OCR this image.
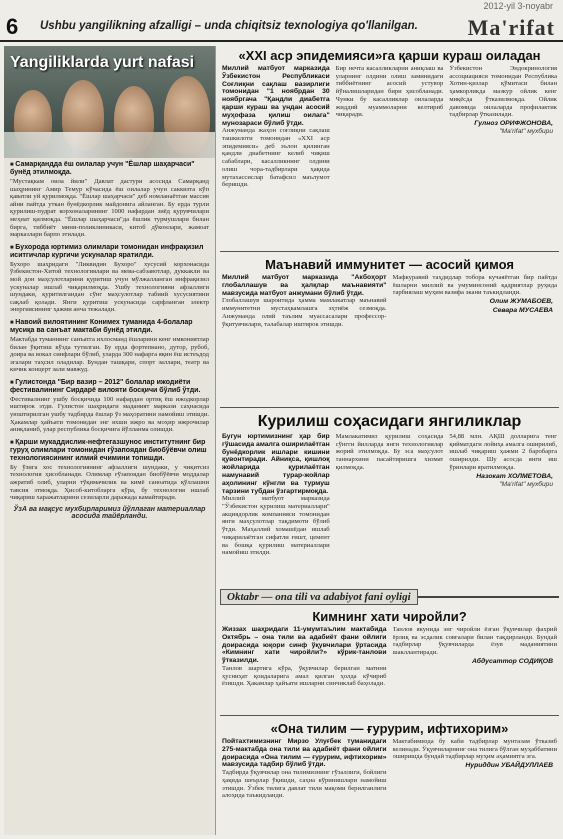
2012-yil 3-noyabr
6	Ushbu yangilikning afzalligi – unda chiqitsiz texnologiya qo'llanilgan. Ma'rifat
Yangiliklarda yurt nafasi
■ Самарқандда ёш оилалар учун "Ёшлар шаҳарчаси" бунёд этилмоқда.
"Мустақкам оила йили" Давлат дастури асосида Самарқанд шаҳрининг Амир Темур кўчасида ёш оилалар учун саккизта кўп қаватли уй қурилмоқда. "Ёшлар шаҳарчаси" деб номланаётган массив айни пайтда уткан бунёдкорлик майдонига айланган. Бу ерда турли қурилиш-пудрат корхоналарининг 1000 нафардан зиёд қурувчилари меҳнат қилмоқда. "Ёшлар шаҳарчаси"да ёшлик турмушлари билан бирга, тиббиёт мини-поликлиникаси, китоб дўконлари, жамоат марказлари барпо этилади.
■ Бухорода юртимиз олимлари томонидан инфрақизил иситгичлар кургичи ускуналар яратилди.
Бухоро шаҳридаги "Ликвидин Бухоро" хусусий корхонасида ўзбекистон-Хитой технологиялари ва мева-сабзавотлар, дуккакли ва мой дон маҳсулотларини қуритиш учун мўлжалланган инфрақизил ускуналар ишлаб чиқарилмоқда. Ушбу технологияни афзаллиги шундаки, қуритилгандан сўнг маҳсулотлар табиий хусусиятини сақлаб қолади. Янги қуритиш ускунасида сарфланган электр энергиясининг ҳажми анча тежалади.
■ Навоий вилоятининг Конимех туманида 4-болалар мусиқа ва санъат мактаби бунёд этилди.
Мактабда туманнинг санъатга ихлосманд ёшларини кенг имкониятлар билан ўқитиш кўзда тутилган. Бу ерда фортепиано, дутор, рубоб, доира ва вокал синфлари бўлиб, уларда 300 нафарга яқин ёш истеъдод эгалари таҳсил оладилар. Бундан ташқари, спорт заллари, театр ва кичик концерт зали мавжуд.
■ Гулистонда "Бир вазир – 2012" болалар ижодиёти фестивалининг Сирдарё вилояти босқичи бўлиб ўтди.
Фестивалнинг ушбу босқичида 100 нафардан ортиқ ёш ижодкорлар иштирок этди. Гулистон шаҳридаги маданият маркази саҳнасида уюштирилган ушбу тадбирда ёшлар ўз маҳоратини намойиш этишди. Ҳакамлар ҳайъати томонидан энг яхши ижро ва моҳир ижрочилар аниқланиб, улар республика босқичига йўлланма олишди.
■ Қарши мукаддислик-нефтегазшунос институтнинг бир гуруҳ олимлари томонидан ғўзапоядан биобўёвчи олиш технологиясининг илмий ечимини топишди.
Бу ўзига хос технологиянинг афзаллиги шундаки, у чиқитсиз технология ҳисобланади. Олимлар ғўзапоядан биобўёвчи моддалар ажратиб олиб, уларни тўқимачилик ва кимё саноатида қўллашни тавсия этмоқда. Ҳисоб-китобларга кўра, бу технология ишлаб чиқариш харажатларини сезиларли даражада камайтиради.
ЎзА ва мақсус мухбирларимиз йўллаган материаллар асосида тайёрланди.
«XXI аср эпидемияси»га қарши кураш оиладан
Миллий матбуот марказида Ўзбекистон Республикаси Соғлиқни сақлаш вазирлиги томонидан "1 ноябрдан 30 ноябргача "Қандли диабетга қарши кураш ва ундан асосий муҳофаза қилиш оилага" мунозараси бўлиб ўтди.
Анжуманда жаҳон соғлиқни сақлаш ташкилоти томонидан «XXI аср эпидемияси» деб эълон қилинган қандли диабетнинг келиб чиқиш сабаблари, касалликнинг олдини олиш чора-тадбирлари ҳақида мутахассислар батафсил маълумот беришди.
Бир нечта касалликларни аниқлаш ва уларнинг олдини олиш заминидаги тиббиётнинг асосий устувор йўналишларидан бири ҳисобланади. Чунки бу касалликлар оилаларда жиддий муаммоларни келтириб чиқаради.
Ўзбекистон Эндокринология ассоциацияси томонидан Республика Хотин-қизлар қўмитаси билан ҳамкорликда мазкур ойлик кенг миқёсда ўтказилмоқда. Ойлик давомида оилаларда профилактик тадбирлар ўтказилади.
Гулноз ОРИФЖОНОВА,
"Ma'rifat" мухбири
Маънавий иммунитет — асосий қимоя
Миллий матбуот марказида "Акбоҳорт глобаллашув ва ҳалқлар маънавияти" мавзусида матбуот анжумани бўлиб ўтди.
Глобаллашув шароитида ҳамма мамлакатлар маънавий иммунитетни мустаҳкамлашга эҳтиёж сезмоқда. Анжуманда олий таълим муассасалари профессор-ўқитувчилари, талабалар иштирок этишди.
Мафкуравий таҳдидлар тобора кучаяётган бир пайтда ёшларни миллий ва умуминсоний қадриятлар руҳида тарбиялаш муҳим вазифа экани таъкидланди.
Олим ЖУМАБОЕВ,
Севара МУСАЕВА
Курилиш соҳасидаги янгиликлар
Бугун юртимизнинг ҳар бир гўшасида амалга оширилаётган бунёдкорлик ишлари кишини қувонтиради. Айниқса, қишлоқ жойларида қурилаётган намунавий турар-жойлар аҳолининг кўнгли ва турмуш тарзини тубдан ўзгартирмоқда.
Миллий матбуот марказида "Ўзбекистон қурилиш материаллари" акциядорлик компанияси томонидан янги маҳсулотлар тақдимоти бўлиб ўтди. Маҳаллий хомашёдан ишлаб чиқарилаётган сифатли ғишт, цемент ва бошқа қурилиш материаллари намойиш этилди.
Мамлакатимиз қурилиш соҳасида сўнгги йилларда янги технологиялар жорий этилмоқда. Бу эса маҳсулот таннархини пасайтиришга хизмат қилмоқда.
54,88 млн. АҚШ долларига тенг қийматдаги лойиҳа амалга оширилиб, ишлаб чиқариш ҳажми 2 баробарга оширилди. Шу асосда янги иш ўринлари яратилмоқда.
Назокат ХОЛМЕТОВА,
"Ma'rifat" мухбири
Oktabr — ona tili va adabiyot fani oyligi
Кимнинг хати чиройли?
Жиззах шаҳридаги 11-умумтаълим мактабида Октябрь – она тили ва адабиёт фани ойлиги доирасида юқори синф ўқувчилари ўртасида «Кимнинг хати чиройли?» кўрик-танлови ўтказилди.
Танлов шартига кўра, ўқувчилар берилган матнни ҳусниҳат қоидаларига амал қилган ҳолда кўчириб ёзишди. Ҳакамлар ҳайъати ишларни синчиклаб баҳолади.
Танлов якунида энг чиройли ёзган ўқувчилар фахрий ёрлиқ ва эсдалик совғалари билан тақдирланди. Бундай тадбирлар ўқувчиларда ёзув маданиятини шакллантиради.
Абдусаттор СОДИҚОВ
«Она тилим — ғурурим, ифтихорим»
Пойтахтимизнинг Мирзо Улуғбек туманидаги 275-мактабда она тили ва адабиёт фани ойлиги доирасида «Она тилим — ғурурим, ифтихорим» мавзусида тадбир бўлиб ўтди.
Тадбирда ўқувчилар она тилимизнинг гўзаллиги, бойлиги ҳақида шеърлар ўқишди, саҳна кўринишлари намойиш этишди. Ўзбек тилига давлат тили мақоми берилганлиги алоҳида таъкидланди.
Мактабимизда бу каби тадбирлар мунтазам ўтказиб келинади. Ўқувчиларнинг она тилига бўлган муҳаббатини оширишда бундай тадбирлар муҳим аҳамиятга эга.
Нуриддин УБАЙДУЛЛАЕВ
